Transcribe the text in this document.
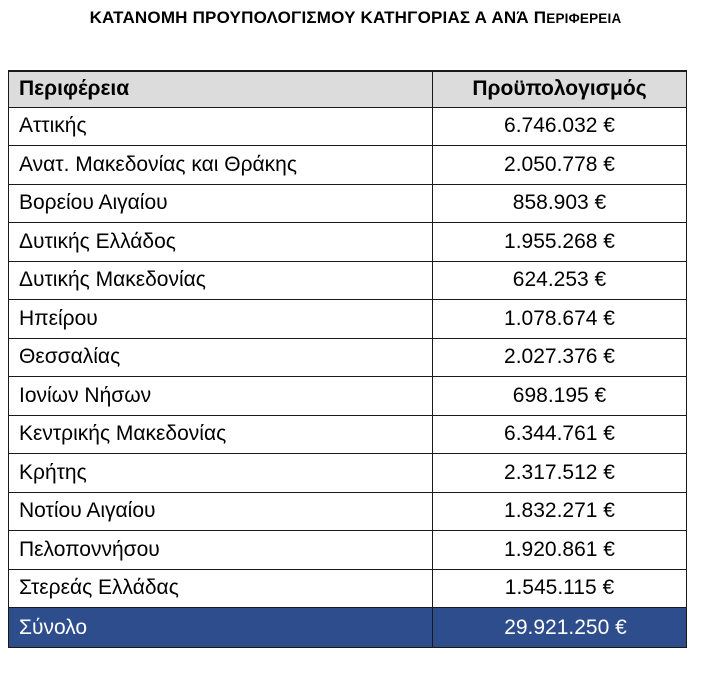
ΚΑΤΑΝΟΜΗ ΠΡΟΥΠΟΛΟΓΙΣΜΟΥ ΚΑΤΗΓΟΡΙΑΣ Α ΑΝΆ ΠΕΡΙΦΕΡΕΙΑ
Περιφέρεια	Προϋπολογισμός
Αττικής	6.746.032 €
Ανατ. Μακεδονίας και Θράκης	2.050.778 €
Βορείου Αιγαίου	858.903 €
Δυτικής Ελλάδος	1.955.268 €
Δυτικής Μακεδονίας	624.253 €
Ηπείρου	1.078.674 €
Θεσσαλίας	2.027.376 €
Ιονίων Νήσων	698.195 €
Κεντρικής Μακεδονίας	6.344.761 €
Κρήτης	2.317.512 €
Νοτίου Αιγαίου	1.832.271 €
Πελοποννήσου	1.920.861 €
Στερεάς Ελλάδας	1.545.115 €
Σύνολο	29.921.250 €
